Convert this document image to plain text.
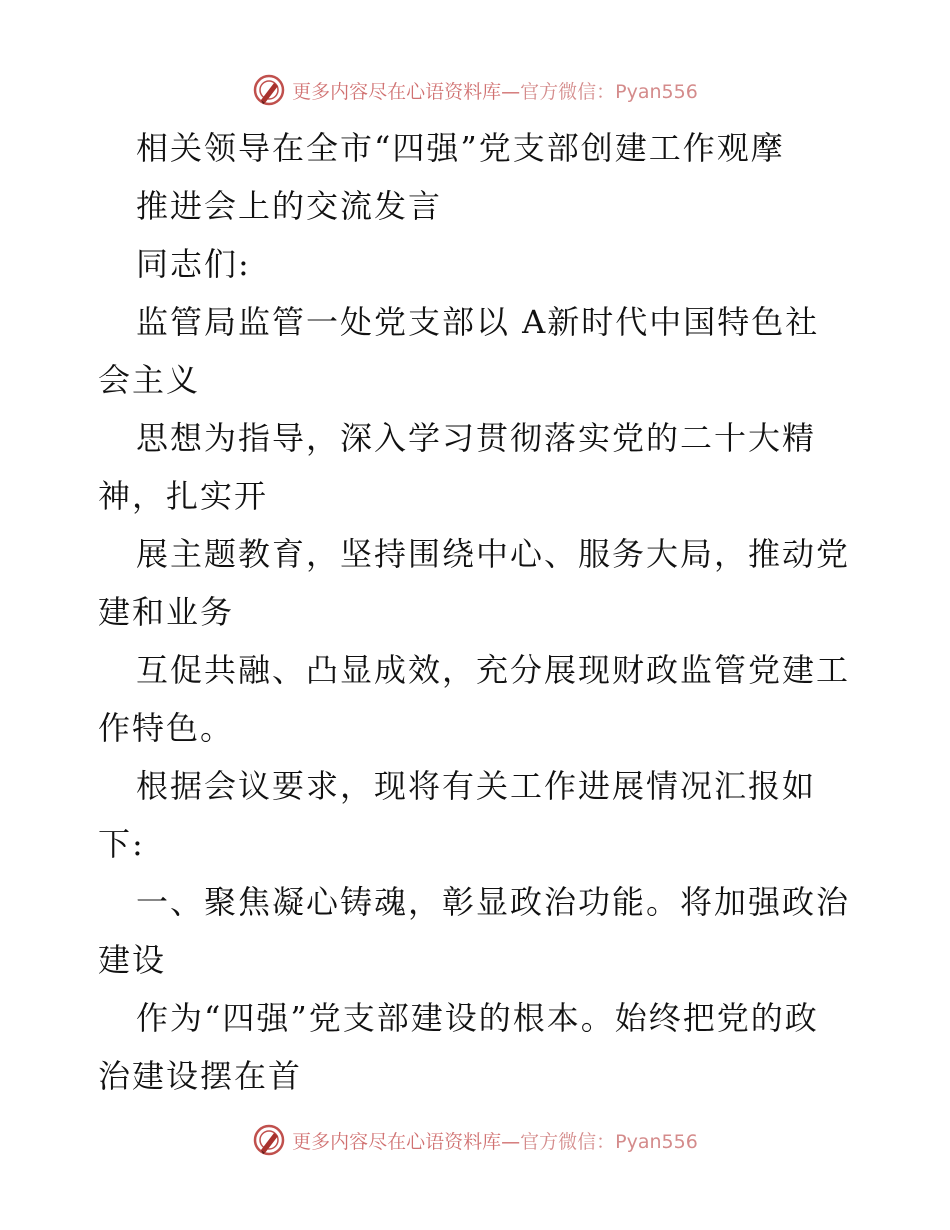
更多内容尽在心语资料库—官方微信：Pyan556
相关领导在全市“四强”党支部创建工作观摩
推进会上的交流发言
同志们:
监管局监管一处党支部以 A新时代中国特色社
会主义
思想为指导，深入学习贯彻落实党的二十大精
神，扎实开
展主题教育，坚持围绕中心、服务大局，推动党
建和业务
互促共融、凸显成效，充分展现财政监管党建工
作特色。
根据会议要求，现将有关工作进展情况汇报如
下:
一、聚焦凝心铸魂，彰显政治功能。将加强政治
建设
作为“四强”党支部建设的根本。始终把党的政
治建设摆在首
更多内容尽在心语资料库—官方微信：Pyan556
